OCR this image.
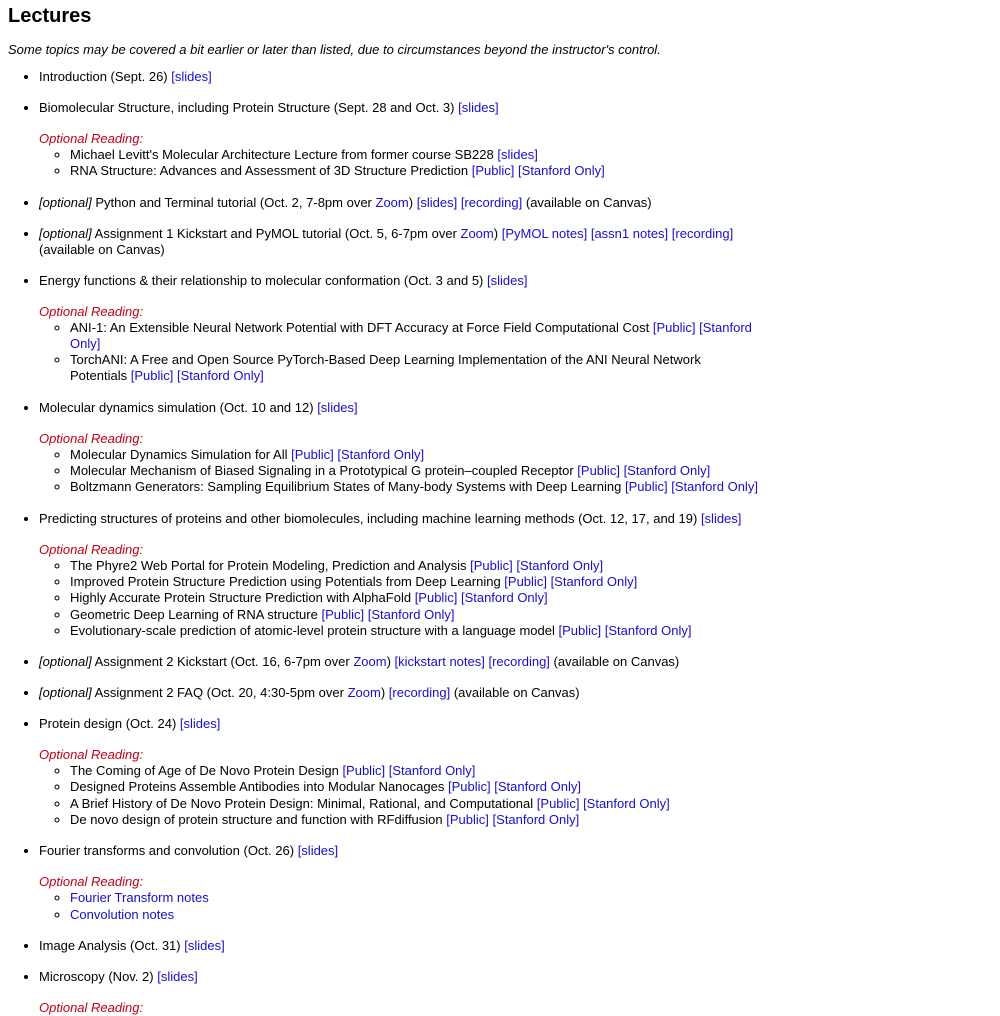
Lectures
Some topics may be covered a bit earlier or later than listed, due to circumstances beyond the instructor's control.
• Introduction (Sept. 26) [slides]
• Biomolecular Structure, including Protein Structure (Sept. 28 and Oct. 3) [slides]
Optional Reading:
◦ Michael Levitt's Molecular Architecture Lecture from former course SB228 [slides]
◦ RNA Structure: Advances and Assessment of 3D Structure Prediction [Public] [Stanford Only]
• [optional] Python and Terminal tutorial (Oct. 2, 7-8pm over Zoom) [slides] [recording] (available on Canvas)
• [optional] Assignment 1 Kickstart and PyMOL tutorial (Oct. 5, 6-7pm over Zoom) [PyMOL notes] [assn1 notes] [recording] (available on Canvas)
• Energy functions & their relationship to molecular conformation (Oct. 3 and 5) [slides]
Optional Reading:
◦ ANI-1: An Extensible Neural Network Potential with DFT Accuracy at Force Field Computational Cost [Public] [Stanford Only]
◦ TorchANI: A Free and Open Source PyTorch-Based Deep Learning Implementation of the ANI Neural Network Potentials [Public] [Stanford Only]
• Molecular dynamics simulation (Oct. 10 and 12) [slides]
Optional Reading:
◦ Molecular Dynamics Simulation for All [Public] [Stanford Only]
◦ Molecular Mechanism of Biased Signaling in a Prototypical G protein–coupled Receptor [Public] [Stanford Only]
◦ Boltzmann Generators: Sampling Equilibrium States of Many-body Systems with Deep Learning [Public] [Stanford Only]
• Predicting structures of proteins and other biomolecules, including machine learning methods (Oct. 12, 17, and 19) [slides]
Optional Reading:
◦ The Phyre2 Web Portal for Protein Modeling, Prediction and Analysis [Public] [Stanford Only]
◦ Improved Protein Structure Prediction using Potentials from Deep Learning [Public] [Stanford Only]
◦ Highly Accurate Protein Structure Prediction with AlphaFold [Public] [Stanford Only]
◦ Geometric Deep Learning of RNA structure [Public] [Stanford Only]
◦ Evolutionary-scale prediction of atomic-level protein structure with a language model [Public] [Stanford Only]
• [optional] Assignment 2 Kickstart (Oct. 16, 6-7pm over Zoom) [kickstart notes] [recording] (available on Canvas)
• [optional] Assignment 2 FAQ (Oct. 20, 4:30-5pm over Zoom) [recording] (available on Canvas)
• Protein design (Oct. 24) [slides]
Optional Reading:
◦ The Coming of Age of De Novo Protein Design [Public] [Stanford Only]
◦ Designed Proteins Assemble Antibodies into Modular Nanocages [Public] [Stanford Only]
◦ A Brief History of De Novo Protein Design: Minimal, Rational, and Computational [Public] [Stanford Only]
◦ De novo design of protein structure and function with RFdiffusion [Public] [Stanford Only]
• Fourier transforms and convolution (Oct. 26) [slides]
Optional Reading:
◦ Fourier Transform notes
◦ Convolution notes
• Image Analysis (Oct. 31) [slides]
• Microscopy (Nov. 2) [slides]
Optional Reading:
